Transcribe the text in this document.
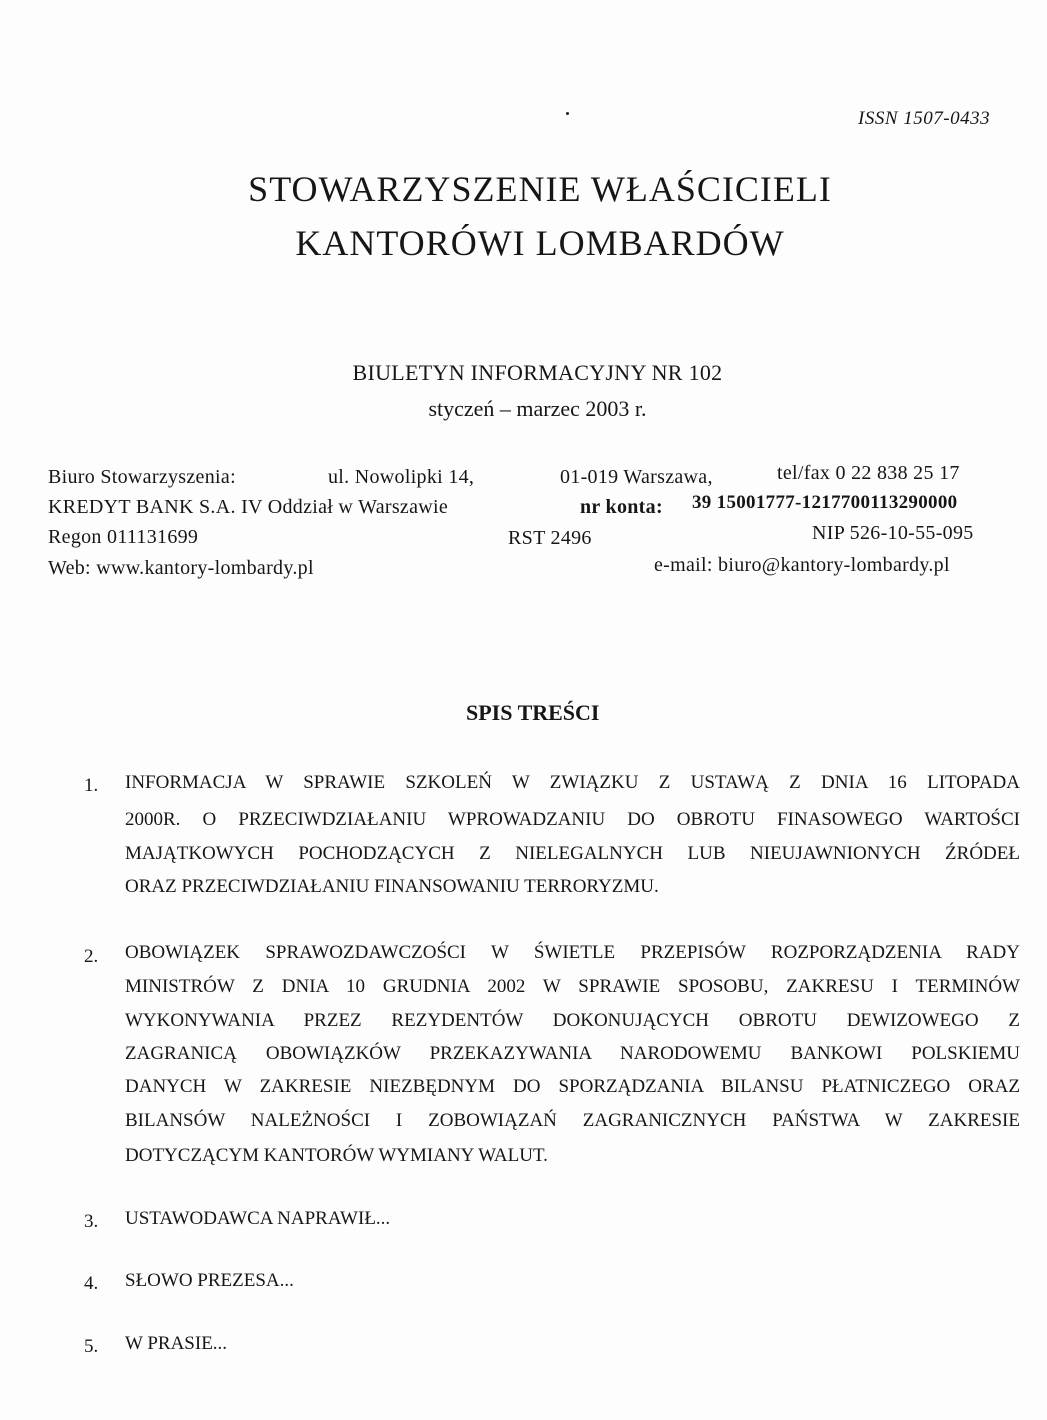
ISSN 1507-0433
STOWARZYSZENIE WŁAŚCICIELI
KANTORÓWI LOMBARDÓW
BIULETYN INFORMACYJNY NR 102
styczeń – marzec 2003 r.
Biuro Stowarzyszenia:	ul. Nowolipki 14,	01-019 Warszawa,	tel/fax 0 22 838 25 17
KREDYT BANK S.A. IV Oddział w Warszawie	nr konta: 39 15001777-1217700113290000
Regon 011131699	RST 2496	NIP 526-10-55-095
Web: www.kantory-lombardy.pl	e-mail: biuro@kantory-lombardy.pl
SPIS TREŚCI
1. INFORMACJA W SPRAWIE SZKOLEŃ W ZWIĄZKU Z USTAWĄ Z DNIA 16 LITOPADA
2000R. O PRZECIWDZIAŁANIU WPROWADZANIU DO OBROTU FINASOWEGO WARTOŚCI
MAJĄTKOWYCH POCHODZĄCYCH Z NIELEGALNYCH LUB NIEUJAWNIONYCH ŹRÓDEŁ
ORAZ PRZECIWDZIAŁANIU FINANSOWANIU TERRORYZMU.
2. OBOWIĄZEK SPRAWOZDAWCZOŚCI W ŚWIETLE PRZEPISÓW ROZPORZĄDZENIA RADY
MINISTRÓW Z DNIA 10 GRUDNIA 2002 W SPRAWIE SPOSOBU, ZAKRESU I TERMINÓW
WYKONYWANIA PRZEZ REZYDENTÓW DOKONUJĄCYCH OBROTU DEWIZOWEGO Z
ZAGRANICĄ OBOWIĄZKÓW PRZEKAZYWANIA NARODOWEMU BANKOWI POLSKIEMU
DANYCH W ZAKRESIE NIEZBĘDNYM DO SPORZĄDZANIA BILANSU PŁATNICZEGO ORAZ
BILANSÓW NALEŻNOŚCI I ZOBOWIĄZAŃ ZAGRANICZNYCH PAŃSTWA W ZAKRESIE
DOTYCZĄCYM KANTORÓW WYMIANY WALUT.
3. USTAWODAWCA NAPRAWIŁ...
4. SŁOWO PREZESA...
5. W PRASIE...
